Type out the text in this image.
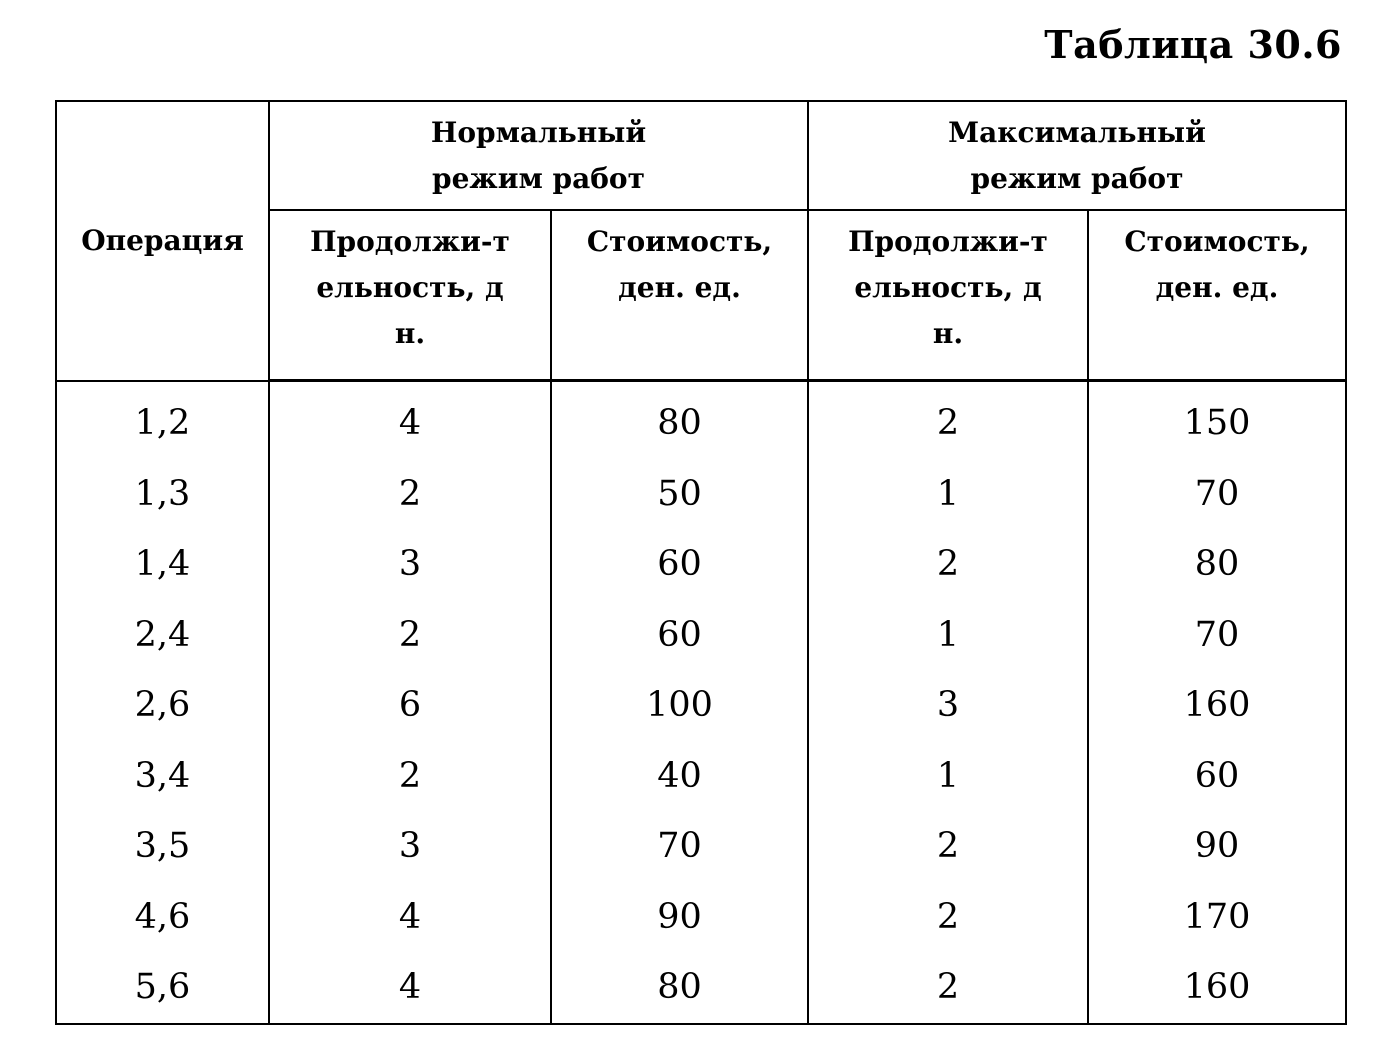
Таблица 30.6
Операция	Нормальный режим работ		Максимальный режим работ	

	Продолжи-тельность, дн.	Стоимость, ден. ед.	Продолжи-тельность, дн.	Стоимость, ден. ед.

1,2	4	80	2	150
1,3	2	50	1	70
1,4	3	60	2	80
2,4	2	60	1	70
2,6	6	100	3	160
3,4	2	40	1	60
3,5	3	70	2	90
4,6	4	90	2	170
5,6	4	80	2	160
